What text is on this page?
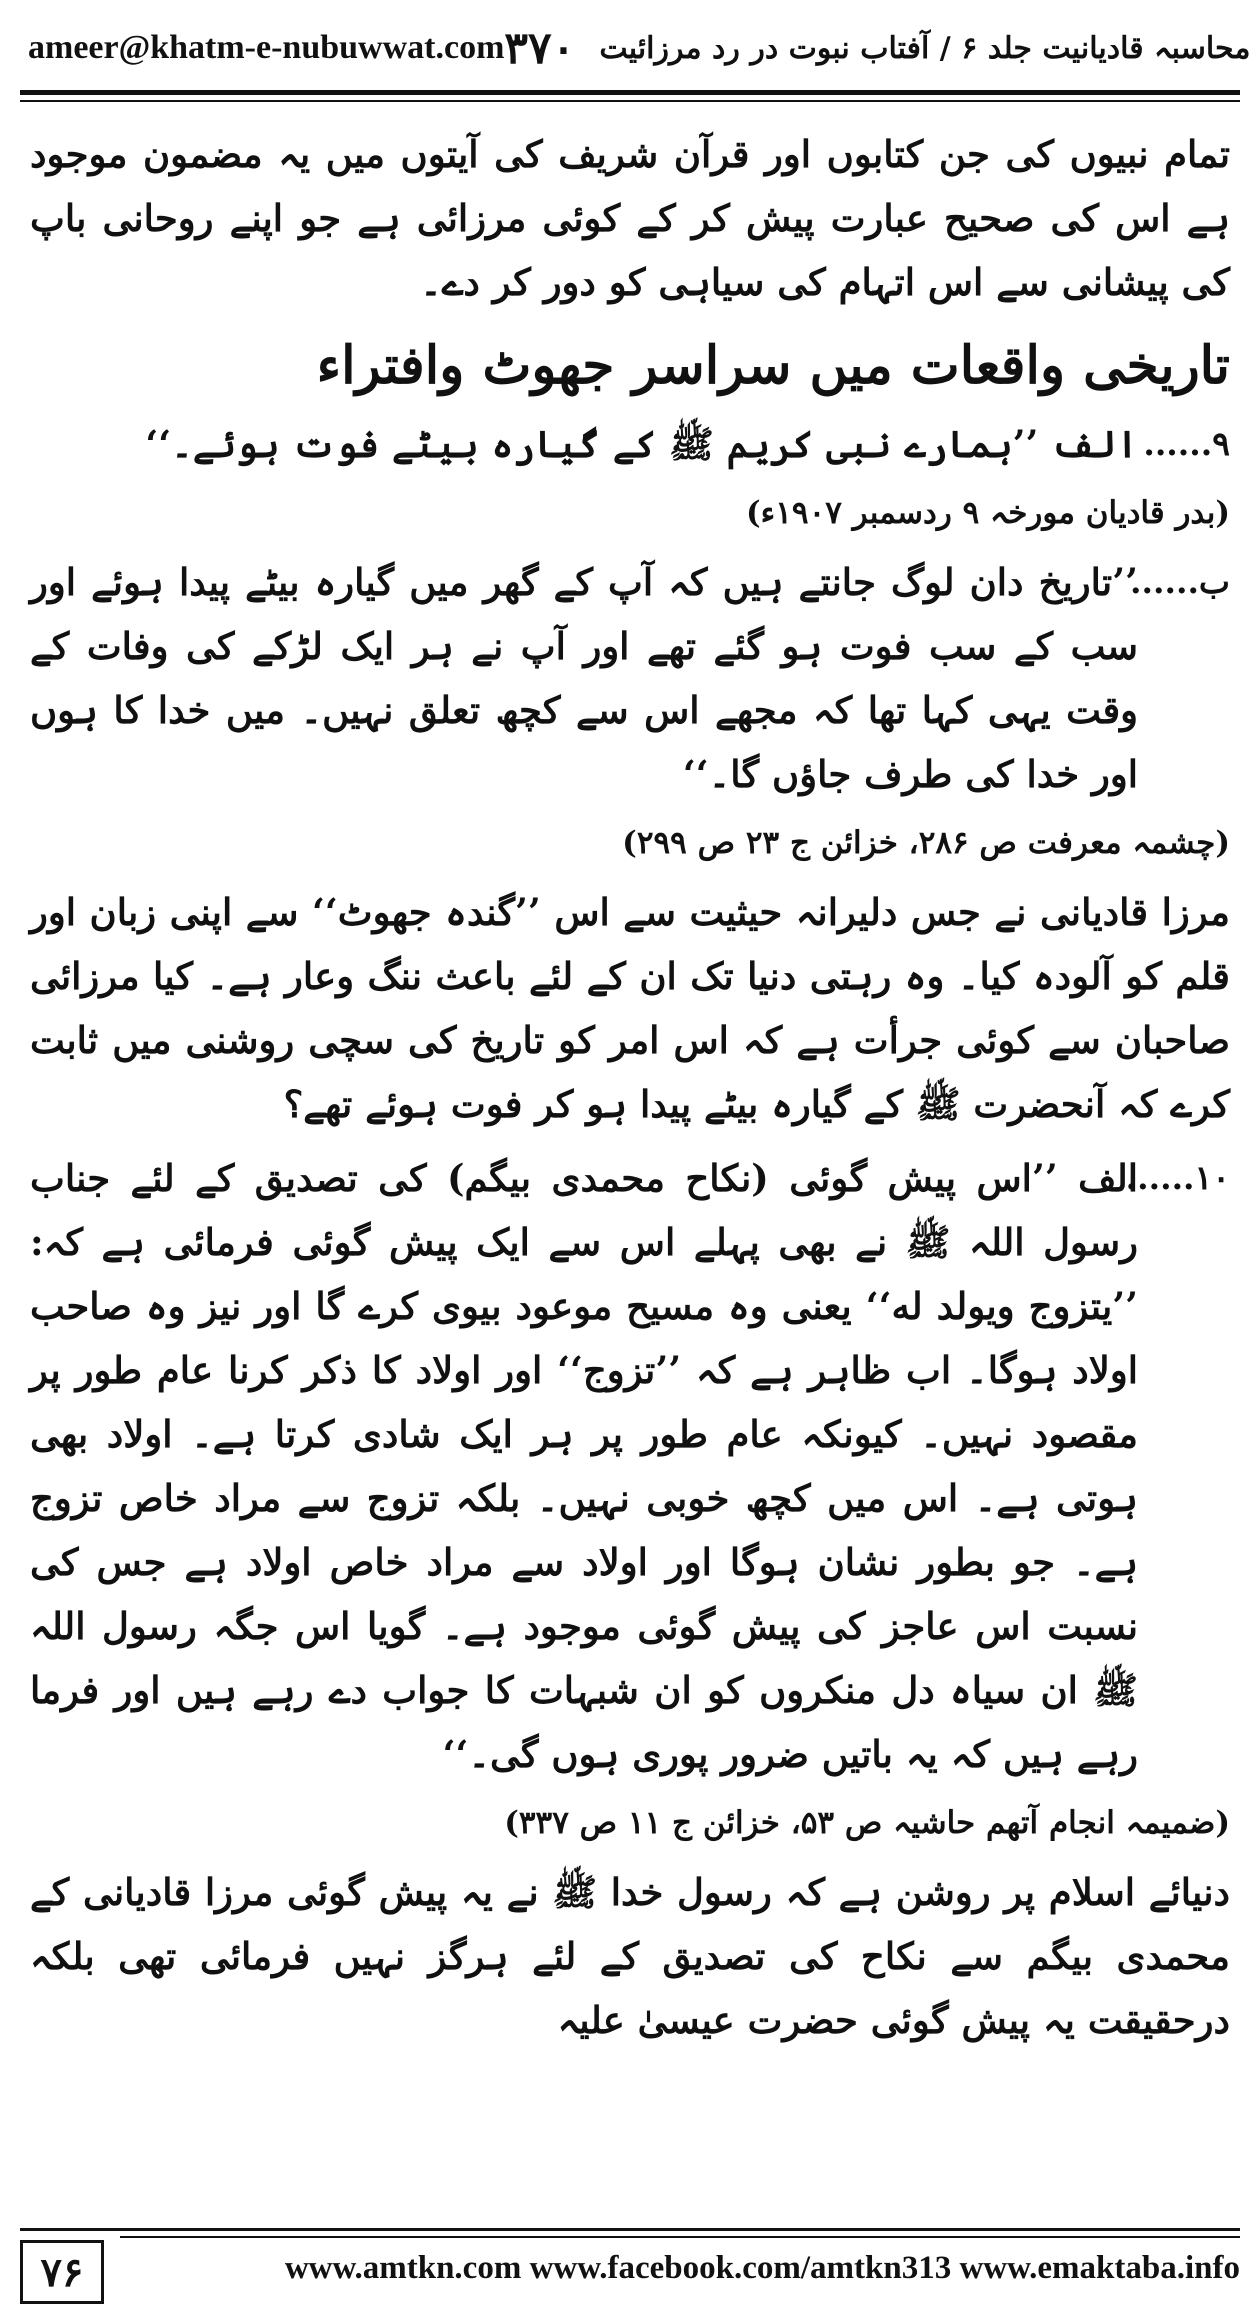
ameer@khatm-e-nubuwwat.com	محاسبہ قادیانیت جلد ۶ / آفتاب نبوت در رد مرزائیت
۳۷۰

تمام نبیوں کی جن کتابوں اور قرآن شریف کی آیتوں میں یہ مضمون موجود ہے اس کی صحیح عبارت پیش کر کے کوئی مرزائی ہے جو اپنے روحانی باپ کی پیشانی سے اس اتہام کی سیاہی کو دور کر دے۔

تاریخی واقعات میں سراسر جھوٹ وافتراء
۹......
الف ’’ہمارے نبی کریم ﷺ کے گیارہ بیٹے فوت ہوئے۔‘‘
(بدر قادیان مورخہ ۹ ردسمبر ۱۹۰۷ء)
ب......
’’تاریخ دان لوگ جانتے ہیں کہ آپ کے گھر میں گیارہ بیٹے پیدا ہوئے اور سب کے سب فوت ہو گئے تھے اور آپ نے ہر ایک لڑکے کی وفات کے وقت یہی کہا تھا کہ مجھے اس سے کچھ تعلق نہیں۔ میں خدا کا ہوں اور خدا کی طرف جاؤں گا۔‘‘
(چشمہ معرفت ص ۲۸۶، خزائن ج ۲۳ ص ۲۹۹)

مرزا قادیانی نے جس دلیرانہ حیثیت سے اس ’’گندہ جھوٹ‘‘ سے اپنی زبان اور قلم کو آلودہ کیا۔ وہ رہتی دنیا تک ان کے لئے باعث ننگ وعار ہے۔ کیا مرزائی صاحبان سے کوئی جرأت ہے کہ اس امر کو تاریخ کی سچی روشنی میں ثابت کرے کہ آنحضرت ﷺ کے گیارہ بیٹے پیدا ہو کر فوت ہوئے تھے؟

۱۰......
الف ’’اس پیش گوئی (نکاح محمدی بیگم) کی تصدیق کے لئے جناب رسول اللہ ﷺ نے بھی پہلے اس سے ایک پیش گوئی فرمائی ہے کہ: ’’یتزوج ویولد له‘‘ یعنی وہ مسیح موعود بیوی کرے گا اور نیز وہ صاحب اولاد ہوگا۔ اب ظاہر ہے کہ ’’تزوج‘‘ اور اولاد کا ذکر کرنا عام طور پر مقصود نہیں۔ کیونکہ عام طور پر ہر ایک شادی کرتا ہے۔ اولاد بھی ہوتی ہے۔ اس میں کچھ خوبی نہیں۔ بلکہ تزوج سے مراد خاص تزوج ہے۔ جو بطور نشان ہوگا اور اولاد سے مراد خاص اولاد ہے جس کی نسبت اس عاجز کی پیش گوئی موجود ہے۔ گویا اس جگہ رسول اللہ ﷺ ان سیاہ دل منکروں کو ان شبہات کا جواب دے رہے ہیں اور فرما رہے ہیں کہ یہ باتیں ضرور پوری ہوں گی۔‘‘
(ضمیمہ انجام آتھم حاشیہ ص ۵۳، خزائن ج ۱۱ ص ۳۳۷)

دنیائے اسلام پر روشن ہے کہ رسول خدا ﷺ نے یہ پیش گوئی مرزا قادیانی کے محمدی بیگم سے نکاح کی تصدیق کے لئے ہرگز نہیں فرمائی تھی بلکہ درحقیقت یہ پیش گوئی حضرت عیسیٰ علیہ

۷۶	www.amtkn.com www.facebook.com/amtkn313 www.emaktaba.info
